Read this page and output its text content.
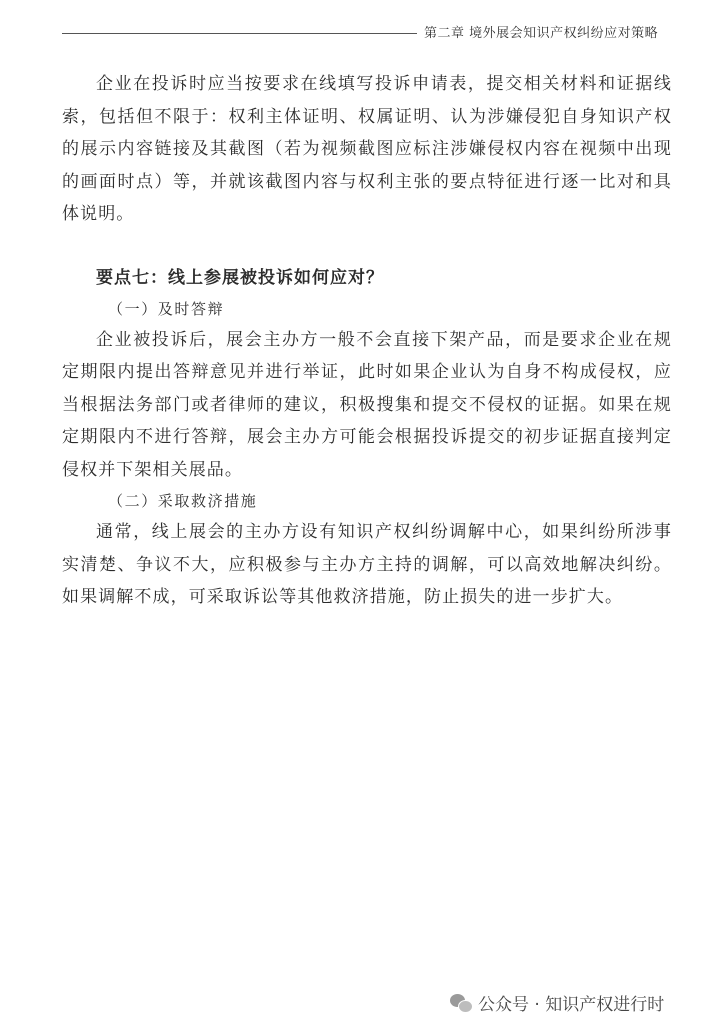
第二章 境外展会知识产权纠纷应对策略

企业在投诉时应当按要求在线填写投诉申请表，提交相关材料和证据线索，包括但不限于：权利主体证明、权属证明、认为涉嫌侵犯自身知识产权的展示内容链接及其截图（若为视频截图应标注涉嫌侵权内容在视频中出现的画面时点）等，并就该截图内容与权利主张的要点特征进行逐一比对和具体说明。

要点七：线上参展被投诉如何应对？

（一）及时答辩

企业被投诉后，展会主办方一般不会直接下架产品，而是要求企业在规定期限内提出答辩意见并进行举证，此时如果企业认为自身不构成侵权，应当根据法务部门或者律师的建议，积极搜集和提交不侵权的证据。如果在规定期限内不进行答辩，展会主办方可能会根据投诉提交的初步证据直接判定侵权并下架相关展品。

（二）采取救济措施

通常，线上展会的主办方设有知识产权纠纷调解中心，如果纠纷所涉事实清楚、争议不大，应积极参与主办方主持的调解，可以高效地解决纠纷。如果调解不成，可采取诉讼等其他救济措施，防止损失的进一步扩大。

公众号 · 知识产权进行时
